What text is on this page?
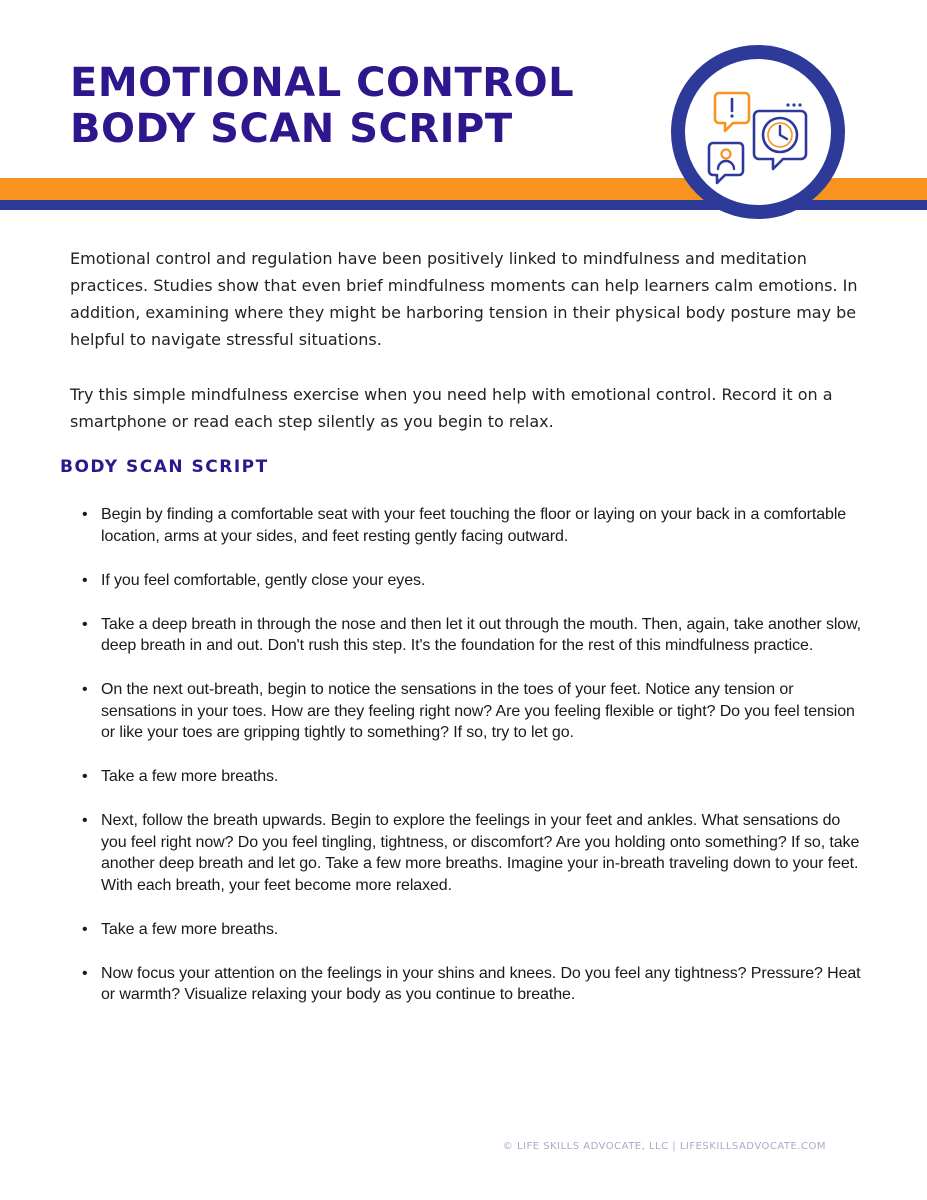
EMOTIONAL CONTROL
BODY SCAN SCRIPT

Emotional control and regulation have been positively linked to mindfulness and meditation practices. Studies show that even brief mindfulness moments can help learners calm emotions. In addition, examining where they might be harboring tension in their physical body posture may be helpful to navigate stressful situations.

Try this simple mindfulness exercise when you need help with emotional control. Record it on a smartphone or read each step silently as you begin to relax.

BODY SCAN SCRIPT
• Begin by finding a comfortable seat with your feet touching the floor or laying on your back in a comfortable location, arms at your sides, and feet resting gently facing outward.
• If you feel comfortable, gently close your eyes.
• Take a deep breath in through the nose and then let it out through the mouth. Then, again, take another slow, deep breath in and out. Don't rush this step. It's the foundation for the rest of this mindfulness practice.
• On the next out-breath, begin to notice the sensations in the toes of your feet. Notice any tension or sensations in your toes. How are they feeling right now? Are you feeling flexible or tight? Do you feel tension or like your toes are gripping tightly to something? If so, try to let go.
• Take a few more breaths.
• Next, follow the breath upwards. Begin to explore the feelings in your feet and ankles. What sensations do you feel right now? Do you feel tingling, tightness, or discomfort? Are you holding onto something? If so, take another deep breath and let go. Take a few more breaths. Imagine your in-breath traveling down to your feet. With each breath, your feet become more relaxed.
• Take a few more breaths.
• Now focus your attention on the feelings in your shins and knees. Do you feel any tightness? Pressure? Heat or warmth? Visualize relaxing your body as you continue to breathe.

© LIFE SKILLS ADVOCATE, LLC | LIFESKILLSADVOCATE.COM
